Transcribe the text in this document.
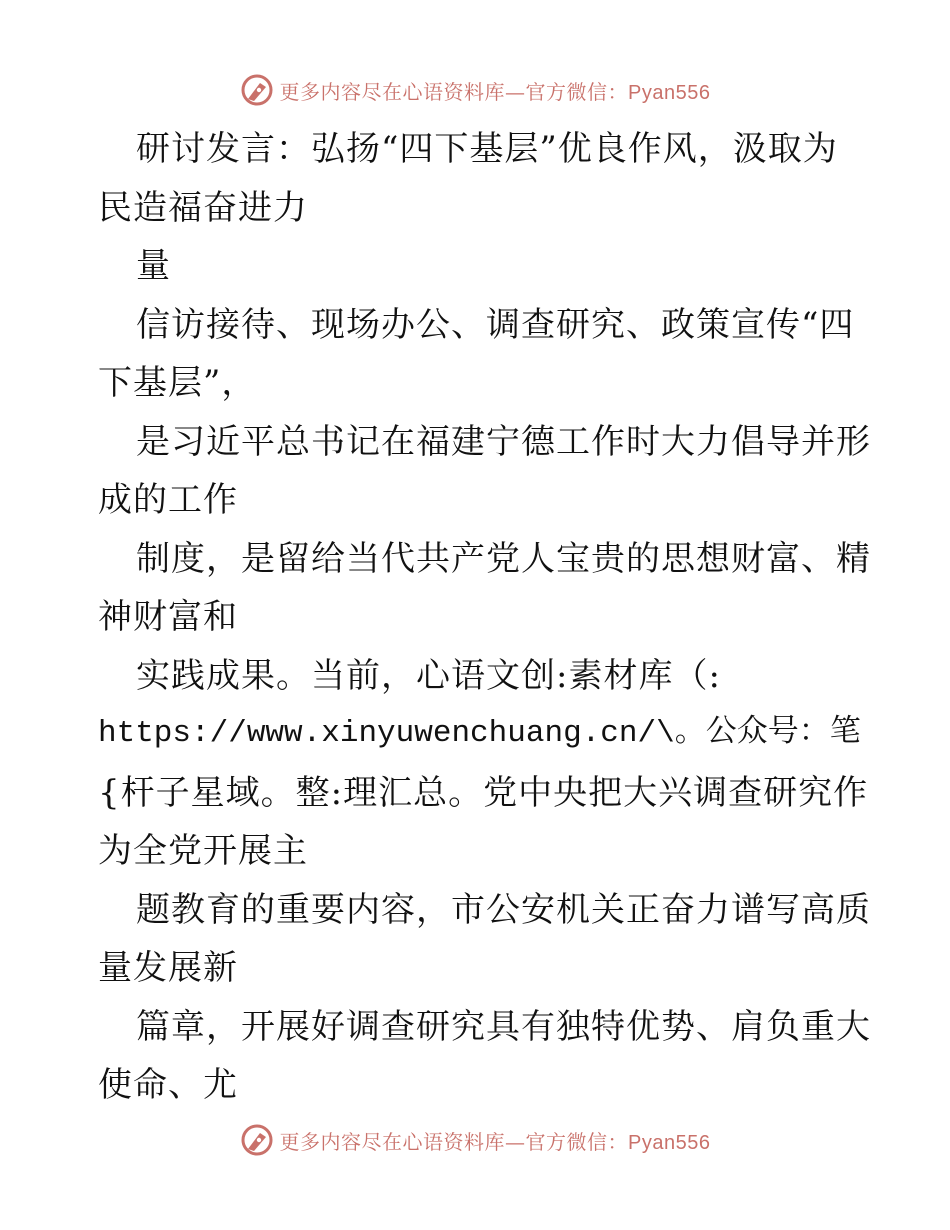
更多内容尽在心语资料库—官方微信：Pyan556
研讨发言：弘扬“四下基层”优良作风，汲取为
民造福奋进力
量
信访接待、现场办公、调查研究、政策宣传“四
下基层”，
是习近平总书记在福建宁德工作时大力倡导并形
成的工作
制度，是留给当代共产党人宝贵的思想财富、精
神财富和
实践成果。当前，心语文创:素材库（:
https://www.xinyuwenchuang.cn/\。公众号：笔
{杆子星域。整:理汇总。党中央把大兴调查研究作
为全党开展主
题教育的重要内容，市公安机关正奋力谱写高质
量发展新
篇章，开展好调查研究具有独特优势、肩负重大
使命、尤
更多内容尽在心语资料库—官方微信：Pyan556
